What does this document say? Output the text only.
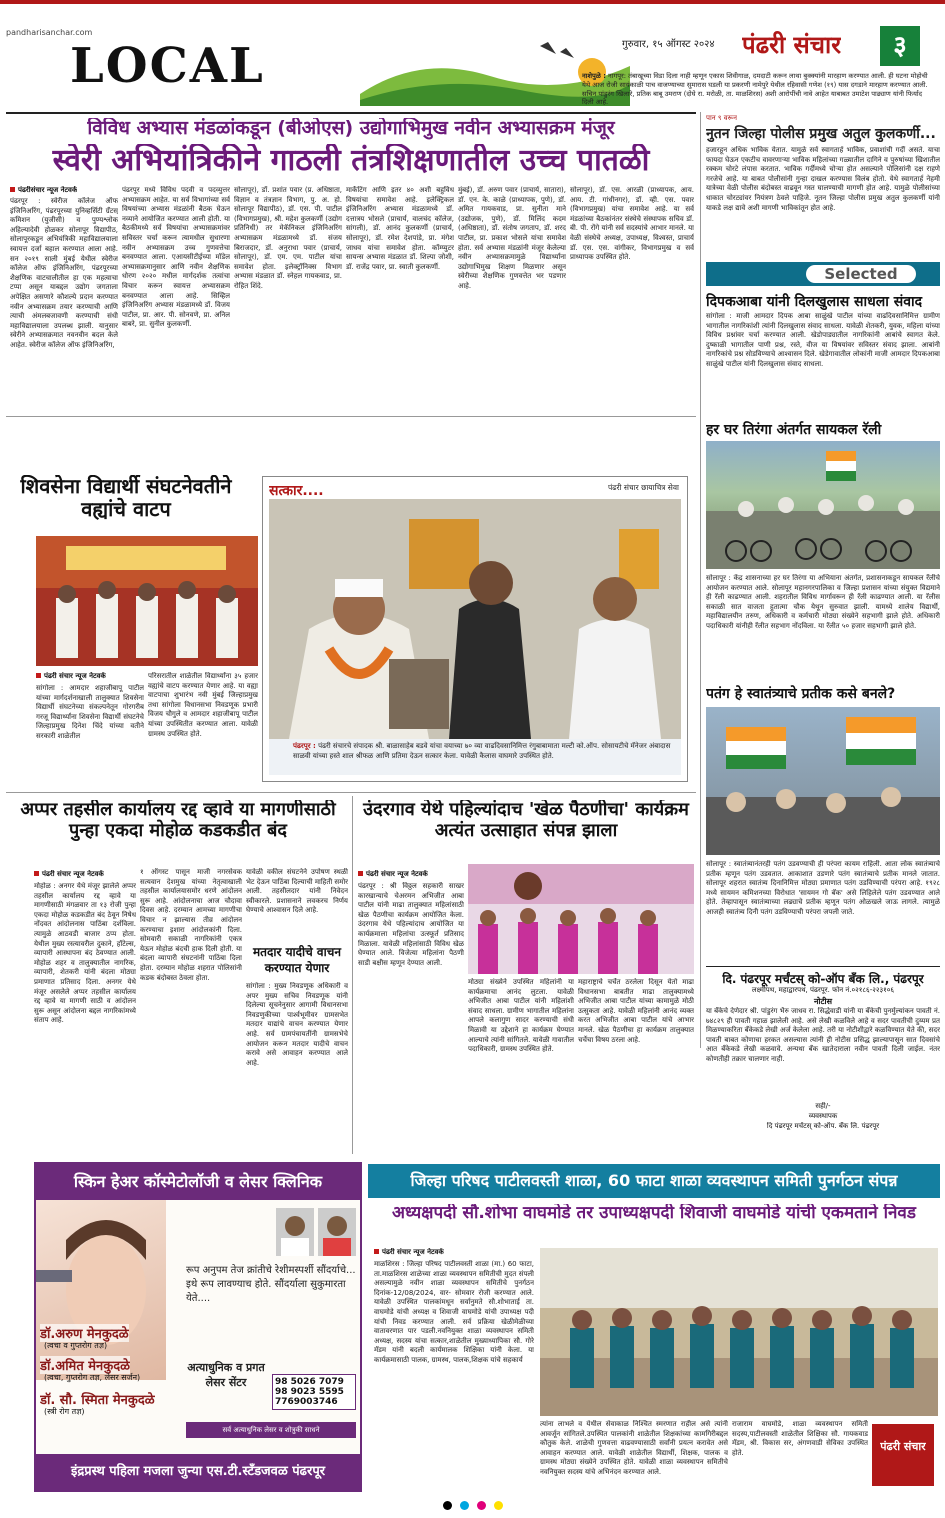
pandharisanchar.com
LOCAL	गुरुवार, १५ ऑगस्ट २०२४ पंढरी संचार	३
नाशेपुळे : नागपूर: तंबाखूच्या विडा दिला नाही म्हणून एकास शिवीगाळ, दमदाटी करून लाथा बुक्क्यांनी मारहाण करण्यात आली. ही घटना मोहोची येथे आज रोजी सायंकाळी पाच वाजण्याच्या सुमारास घडली या प्रकरणी नामेपुरे येथील रहिवासी गणेश (१९) यास दगडाने मारहाण करण्यात आली. सचिन पांडुरंग खिलारे, प्रतिक बाबू उमराण (दोघे रा. मरोळी, ता. माळशिरस) अशी आरोपींची नावे आहेत याबाबत उमाटेश पाढ्याण यांनी फिर्याद दिली आहे.
विविध अभ्यास मंडळांकडून (बीओएस) उद्योगाभिमुख नवीन अभ्यासक्रम मंजूर
स्वेरी अभियांत्रिकीने गाठली तंत्रशिक्षणातील उच्च पातळी
पंढरीसंचार न्यूज नेटवर्क
पंढरपूर : स्वेरीज कॉलेज ऑफ इंजिनिअरिंग, पंढरपूरच्या युनिव्हर्सिटी ग्रँटस् कमिशन (युजीसी) व पुण्यश्लोक अहिल्यादेवी होळकर सोलापूर विद्यापीठ, सोलापूरकडून अभियंत्रिकी महाविद्यालयाला स्वायत्त दर्जा बहाल करण्यात आला आहे. सन २०१९ साली मुंबई येथील स्वेरीज कॉलेज ऑफ इंजिनिअरिंग, पंढरपूरच्या शैक्षणिक वाटचालीतील हा एक महत्वाचा टप्पा असून याबद्दल उद्योग जगताला अपेक्षित असणारे कौशल्ये प्रदान करण्यात नवीन अभ्यासक्रम तयार करण्याची आणि त्याची अंमलबजावणी करण्याची संधी महाविद्यालयाला उपलब्ध झाली. यानुसार स्वेरीने अभ्यासक्रमात नवनवीन बदल केले आहेत. स्वेरीज कॉलेज ऑफ इंजिनिअरिंग,
पंढरपूर मध्ये विविध पदवी व पदव्युत्तर अभ्यासक्रम आहेत. या सर्व विभागांच्या सर्व विषयांच्या अभ्यास मंडळांनी बैठक घेऊन नव्याने आयोजित करण्यात आली होती. या बैठकीमध्ये सर्व विषयांचा अभ्यासक्रमांवर सविस्तर चर्चा करून त्यामधील सुधारणा नवीन अभ्यासक्रम उच्च गुणवत्तेचा बनवण्यात आला. एआयसीटीईच्या मॉडेल अभ्यासक्रमानुसार आणि नवीन शैक्षणिक धोरण २०२० मधील मार्गदर्शक तत्वांचा विचार करून स्वायत्त अभ्यासक्रम बनवण्यात आला आहे. सिव्हिल इंजिनिअरिंग अभ्यास मंडळामध्ये डॉ. विजय पाटील, प्रा. आर. पी. सोनवणे, प्रा. अनिल बाबरे, प्रा. सुनील कुलकर्णी.
सोलापूर), डॉ. प्रशांत पवार (प्र. अधिष्ठाता, विज्ञान व तंत्रज्ञान विभाग, पु. अ. हो. सोलापूर विद्यापीठ), डॉ. एस. पी. पाटील (विभागप्रमुख), श्री. महेश कुलकर्णी (उद्योग प्रतिनिधी) तर मेकॅनिकल इंजिनिअरिंग अभ्यासक्रम मंडळामध्ये डॉ. संजय बिराजदार, डॉ. अनुराधा पवार (प्राचार्य, सोलापूर), डॉ. एम. एम. पाटील यांचा समावेश होता. इलेक्ट्रॉनिक्स विभाग अभ्यास मंडळात डॉ. स्नेहल गायकवाड, प्रा. रोहित शिंदे.
मार्केटिंग आणि इतर ४० अशी बहुविध विषयांचा समावेश आहे. इलेक्ट्रिकल इंजिनिअरिंग अभ्यास मंडळामध्ये डॉ. दत्तात्रय भोसले (प्राचार्य, वालचंद कॉलेज, सांगली), डॉ. आनंद कुलकर्णी (प्राचार्य, सोलापूर), डॉ. रमेश देशपांडे, प्रा. मंगेश जाधव यांचा समावेश होता. कॉम्प्युटर सायन्स अभ्यास मंडळात डॉ. शिल्पा जोशी, डॉ. राजेंद्र पवार, प्रा. स्वाती कुलकर्णी.
मुंबई), डॉ. अरुण पवार (प्राचार्य, सातारा), डॉ. एन. के. काळे (प्राध्यापक, पुणे), डॉ. अमित गायकवाड, प्रा. सुनीता माने (उद्योजक, पुणे), डॉ. मिलिंद कदम (अधिष्ठाता), डॉ. संतोष जगताप, डॉ. शरद पाटील, प्रा. प्रकाश भोसले यांचा समावेश होता. सर्व अभ्यास मंडळांनी मंजूर केलेल्या नवीन अभ्यासक्रमामुळे विद्यार्थ्यांना उद्योगाभिमुख शिक्षण मिळणार असून स्वेरीच्या शैक्षणिक गुणवत्तेत भर पडणार आहे.
सोलापूर), डॉ. एस. आरळी (प्राध्यापक, आय. आय. टी. गांधीनगर), डॉ. व्ही. एस. पवार (विभागप्रमुख) यांचा समावेश आहे. या सर्व मंडळांच्या बैठकांनंतर संस्थेचे संस्थापक सचिव डॉ. बी. पी. रोंगे यांनी सर्व सदस्यांचे आभार मानले. या वेळी संस्थेचे अध्यक्ष, उपाध्यक्ष, विश्वस्त, प्राचार्य डॉ. एस. एस. वांगीकर, विभागप्रमुख व सर्व प्राध्यापक उपस्थित होते.
पान ९ वरून
नुतन जिल्हा पोलीस प्रमुख अतुल कुलकर्णी...
हजारहून अधिक भाविक येतात. यामुळे सर्व स्वागतार्ह भाविक, प्रवाशांची गर्दी असते. याचा फायदा घेऊन एकटीच वावरणाऱ्या भाविक महिलांच्या गळ्यातील दागिने व पुरुषांच्या खिशातील रक्कम चोरटे लंपास करतात. भाविक गर्दीमध्ये चोऱ्या होत असल्याने पोलिसांनी दक्ष राहणे गरजेचे आहे. या बाबत पोलीसांनी गुन्हा दाखल करण्यास विलंब होतो. येथे स्वागतार्ह नेहमी यात्रेच्या वेळी पोलीस बंदोबस्त वाढवून गस्त घालण्याची मागणी होत आहे. यामुळे पोलीसांच्या धाकात चोरट्यांवर नियंत्रण ठेवले पाहिजे. नूतन जिल्हा पोलीस प्रमुख अतुल कुलकर्णी यांनी याकडे लक्ष द्यावे अशी मागणी भाविकांतून होत आहे.
Selected
दिपकआबा यांनी दिलखुलास साधला संवाद
सांगोला : माजी आमदार दिपक आबा साळुंखे पाटील यांच्या वाढदिवसानिमित्त ग्रामीण भागातील नागरिकांशी त्यांनी दिलखुलास संवाद साधला. यावेळी शेतकरी, युवक, महिला यांच्या विविध प्रश्नांवर चर्चा करण्यात आली. खेडोपाड्यातील नागरिकांनी आबांचे स्वागत केले. दुष्काळी भागातील पाणी प्रश्न, रस्ते, वीज या विषयांवर सविस्तर संवाद झाला. आबांनी नागरिकांचे प्रश्न सोडविण्याचे आश्वासन दिले. खेडेगावातील लोकांनी माजी आमदार दिपकआबा साळुंखे पाटील यांनी दिलखुलास संवाद साधला.
हर घर तिरंगा अंतर्गत सायकल रॅली
सोलापूर : केंद्र शासनाच्या हर घर तिरंगा या अभियाना अंतर्गत, प्रशासनाकडून सायकल रॅलीचे आयोजन करण्यात आले. सोलापूर महानगरपालिका व जिल्हा प्रशासन यांच्या संयुक्त विद्यमाने ही रॅली काढण्यात आली. शहरातील विविध मार्गावरून ही रॅली काढण्यात आली. या रॅलीस सकाळी सात वाजता हुतात्मा चौक येथून सुरुवात झाली. यामध्ये शालेय विद्यार्थी, महाविद्यालयीन तरुण, अधिकारी व कर्मचारी मोठ्या संख्येने सहभागी झाले होते. अधिकारी पदाधिकारी यांनीही रॅलीत सहभाग नोंदविला. या रॅलीत ५० हजार सहभागी झाले होते.
पतंग हे स्वातंत्र्याचे प्रतीक कसे बनले?
सोलापूर : स्वातंत्र्यानंतरही पतंग उडवण्याची ही परंपरा कायम राहिली. आता लोक स्वातंत्र्याचे प्रतीक म्हणून पतंग उडवतात. आकाशात उडणारे पतंग स्वातंत्र्याचे प्रतीक मानले जातात. सोलापूर शहरात स्वातंत्र्य दिनानिमित्त मोठ्या प्रमाणात पतंग उडविण्याची परंपरा आहे. १९२८ मध्ये सायमन कमिशनच्या विरोधात 'सायमन गो बॅक' असे लिहिलेले पतंग उडवण्यात आले होते. तेव्हापासून स्वातंत्र्याच्या लढ्याचे प्रतीक म्हणून पतंग ओळखले जाऊ लागले. त्यामुळे आजही स्वातंत्र्य दिनी पतंग उडविण्याची परंपरा जपली जाते.
दि. पंढरपूर मर्चंटस् को-ऑप बँक लि., पंढरपूर
लक्ष्मीपथ, महाद्वारपथ, पंढरपूर. फोन नं.०२१८६-२२३१०६
नोटीस
या बँकेचे देणेदार श्री. पांडुरंग भैरु जाधव रा. सिद्धेवाडी यांनी या बँकेची पुनर्मुल्यांकन पावती नं. ७४८२९ ही पावती गहाळ झालेली आहे. असे लेखी कळविले आहे व सदर पावतीची दुय्यम प्रत मिळण्याकरिता बँकेकडे लेखी अर्ज केलेला आहे. तरी या नोटीशीद्वारे कळविण्यात येते की, सदर पावती बाबत कोणाचा हरकत असल्यास त्यांनी ही नोटीस प्रसिद्ध झाल्यापासून सात दिवसांचे आत बँकेकडे लेखी कळवावे. अन्यथा बँक खातेदाराला नवीन पावती दिली जाईल. नंतर कोणतीही तक्रार चालणार नाही.
सही/-
व्यवस्थापक
दि पंढरपूर मर्चंटस् को-ऑप. बँक लि. पंढरपूर
शिवसेना विद्यार्थी संघटनेवतीने वह्यांचे वाटप
पंढरी संचार न्यूज नेटवर्क
सांगोला : आमदार शहाजीबापू पाटील यांच्या मार्गदर्शनाखाली तालुक्यात शिवसेना विद्यार्थी संघटनेच्या संकल्पनेतून गोरगरीब गरजू विद्यार्थ्यांना शिवसेना विद्यार्थी संघटनेचे जिल्हाप्रमुख दिनेश चिंदे यांच्या वतीने सरकारी शाळेतील
परिसरातील शाळेतील विद्यार्थ्यांना ३५ हजार वह्यांचे वाटप करण्यात येणार आहे. या वह्या वाटपाचा शुभारंभ नवी मुंबई जिल्हाप्रमुख तथा सांगोला विधानसभा निवडणूक प्रभारी विजय चौगुले व आमदार शहाजीबापू पाटील यांच्या उपस्थितीत करण्यात आला. यावेळी ग्रामस्थ उपस्थित होते.
सत्कार....	पंढरी संचार छायाचित्र सेवा
पंढरपूर : पंढरी संचारचे संपादक श्री. बाळासाहेब बडवे यांचा वयाच्या ७० व्या वाढदिवसानिमित्त रंगुबाबामाता मल्टी को.ऑप. सोसायटीचे मॅनेजर अंबादास साळवी यांच्या हस्ते शाल श्रीफळ आणि प्रतिमा देऊन सत्कार केला. यावेळी कैलास वाघमारे उपस्थित होते.
अप्पर तहसील कार्यालय रद्द व्हावे या मागणीसाठी पुन्हा एकदा मोहोळ कडकडीत बंद
पंढरी संचार न्यूज नेटवर्क
मोहोळ : अनगर येथे मंजूर झालेले अप्पर तहसील कार्यालय रद्द व्हावे या मागणीसाठी मंगळवार ता १३ रोजी पुन्हा एकदा मोहोळ कडकडीत बंद ठेवून निषेध नोंदवत आंदोलनास पाठिंबा दर्शविला. त्यामुळे आठवडी बाजार ठप्प होता. येथील मुख्य रस्त्यावरील दुकाने, हॉटेल्स, व्यापारी आस्थापना बंद ठेवण्यात आली. मोहोळ शहर व तालुक्यातील नागरिक, व्यापारी, शेतकरी यांनी बंदला मोठ्या प्रमाणात प्रतिसाद दिला. अनगर येथे मंजूर असलेले अप्पर तहसील कार्यालय रद्द व्हावे या मागणी साठी व आंदोलन सुरू असून आंदोलना बद्दल नागरिकांमध्ये संताप आहे.
१ ऑगस्ट पासून माजी नगरसेवक सत्यवान देशमुख यांच्या नेतृत्वाखाली तहसील कार्यालयासमोर धरणे आंदोलन सुरू आहे. आंदोलनाचा आज चौदावा दिवस आहे. दरम्यान आमच्या मागणीचा विचार न झाल्यास तीव्र आंदोलन करण्याचा इशारा आंदोलकांनी दिला. सोमवारी सकाळी नागरिकांनी एकत्र येऊन मोहोळ बंदची हाक दिली होती. या बंदला व्यापारी संघटनांनी पाठिंबा दिला होता. दरम्यान मोहोळ शहरात पोलिसांनी कडक बंदोबस्त ठेवला होता.
यावेळी वकील संघटनेने उपोषण स्थळी भेट देऊन पाठिंबा दिल्याची माहिती समोर आली. तहसीलदार यांनी निवेदन स्वीकारले. प्रशासनाने लवकरच निर्णय घेण्याचे आश्वासन दिले आहे.
मतदार यादीचे वाचन करण्यात येणार
सांगोला : मुख्य निवडणूक अधिकारी व अपर मुख्य सचिव निवडणूक यांनी दिलेल्या सूचनेनुसार आगामी विधानसभा निवडणुकीच्या पार्श्वभूमीवर ग्रामसभेत मतदार याद्यांचे वाचन करण्यात येणार आहे. सर्व ग्रामपंचायतींनी ग्रामसभेचे आयोजन करून मतदार यादीचे वाचन करावे असे आवाहन करण्यात आले आहे.
उंदरगाव येथे पहिल्यांदाच 'खेळ पैठणीचा' कार्यक्रम अत्यंत उत्साहात संपन्न झाला
पंढरी संचार न्यूज नेटवर्क
पंढरपूर : श्री विठ्ठल सहकारी साखर कारखान्याचे चेअरमन अभिजीत आबा पाटील यांनी माढा तालुक्यात महिलांसाठी खेळ पैठणीचा कार्यक्रम आयोजित केला. उंदरगाव येथे पहिल्यांदाच आयोजित या कार्यक्रमाला महिलांचा उत्स्फूर्त प्रतिसाद मिळाला. यावेळी महिलांसाठी विविध खेळ घेण्यात आले. विजेत्या महिलांना पैठणी साडी बक्षीस म्हणून देण्यात आली.
मोठ्या संख्येने उपस्थित महिलांनी या कार्यक्रमाचा आनंद लुटला. यावेळी अभिजीत आबा पाटील यांनी महिलांशी संवाद साधला. ग्रामीण भागातील महिलांना आपले कलागुण सादर करण्याची संधी मिळावी या उद्देशाने हा कार्यक्रम घेण्यात आल्याचे त्यांनी सांगितले. यावेळी गावातील पदाधिकारी, ग्रामस्थ उपस्थित होते.
महाराष्ट्राचे चर्चेत ठरलेला दिसून येतो माढा विधानसभा बाबतीत माढा तालुक्यामध्ये अभिजीत आबा पाटील यांच्या कामामुळे मोठी उत्सुकता आहे. यावेळी महिलांनी आनंद व्यक्त करत अभिजीत आबा पाटील यांचे आभार मानले. खेळ पैठणीचा हा कार्यक्रम तालुक्यात चर्चेचा विषय ठरला आहे.
स्किन हेअर कॉस्मेटोलॉजी व लेसर क्लिनिक
रूप अनुपम तेज क्रांतीचे रेशीमस्पर्शी सौंदर्याचे... इथे रूप लावण्याच होते. सौंदर्याला सुकुमारता येते....
डॉ.अरुण मेनकुदळे
(त्वचा व गुप्तरोग तज्ञ)
डॉ.अमित मेनकुदळे
(त्वचा, गुप्तरोग तज्ञ, लेसर सर्जन)
डॉ. सौ. स्मिता मेनकुदळे
(स्त्री रोग तज्ञ)
अत्याधुनिक व प्रगत लेसर सेंटर	98 5026 7079
98 9023 5595
7769003746
सर्व अत्याधुनिक लेसर व शोत्रुकी साधने
इंद्रप्रस्थ पहिला मजला जुन्या एस.टी.स्टँडजवळ पंढरपूर
जिल्हा परिषद पाटीलवस्ती शाळा, 60 फाटा शाळा व्यवस्थापन समिती पुनर्गठन संपन्न
अध्यक्षपदी सौ.शोभा वाघमोडे तर उपाध्यक्षपदी शिवाजी वाघमोडे यांची एकमताने निवड
पंढरी संचार न्यूज नेटवर्क
माळशिरस : जिल्हा परिषद पाटीलवस्ती शाळा (मा.) 60 फाटा, ता.माळशिरस शाळेच्या शाळा व्यवस्थापन समितीची मुदत संपली असल्यामुळे नवीन शाळा व्यवस्थापन समितीचे पुनर्गठन दिनांक-12/08/2024, वार- सोमवार रोजी करण्यात आले. यावेळी उपस्थित पालकांमधून सर्वानुमते सौ.शोभाताई ता. वाघमोडे यांची अध्यक्ष व शिवाजी वाघमोडे यांची उपाध्यक्ष पदी यांची निवड करण्यात आली. सर्व प्रक्रिया खेळीमेळीच्या वातावरणात पार पडली.नवनियुक्त शाळा व्यवस्थापन समिती अध्यक्ष, सदस्य यांचा सत्कार,शाळेतील मुख्याध्यापिका सौ. गोरे मॅडम यांनी बदली कार्यमालक शिक्षिका यांनी केला. या कार्यक्रमासाठी पालक, ग्रामस्थ, पालक,शिक्षक यांचे सहकार्य
त्यांना लाभले व येथील सेवाकाळ निश्चित स्मरणात राहील असे त्यांनी आवर्जून सांगितले.उपस्थित पालकांनी शाळेतील शिक्षकांच्या कामगिरीबद्दल कौतुक केले. शाळेची गुणवत्ता वाढवण्यासाठी सर्वांनी प्रयत्न करावेत असे आवाहन करण्यात आले. यावेळी शाळेतील विद्यार्थी, शिक्षक, पालक व ग्रामस्थ मोठ्या संख्येने उपस्थित होते. यावेळी शाळा व्यवस्थापन समितीचे नवनियुक्त सदस्य यांचे अभिनंदन करण्यात आले.
राजाराम वाघमोडे, शाळा व्यवस्थापन समिती सदस्य,पाटीलवस्ती शाळेतील शिक्षिका सौ. गायकवाड मॅडम, श्री. विकास सर, अंगणवाडी सेविका उपस्थित होते.	पंढरी संचार
